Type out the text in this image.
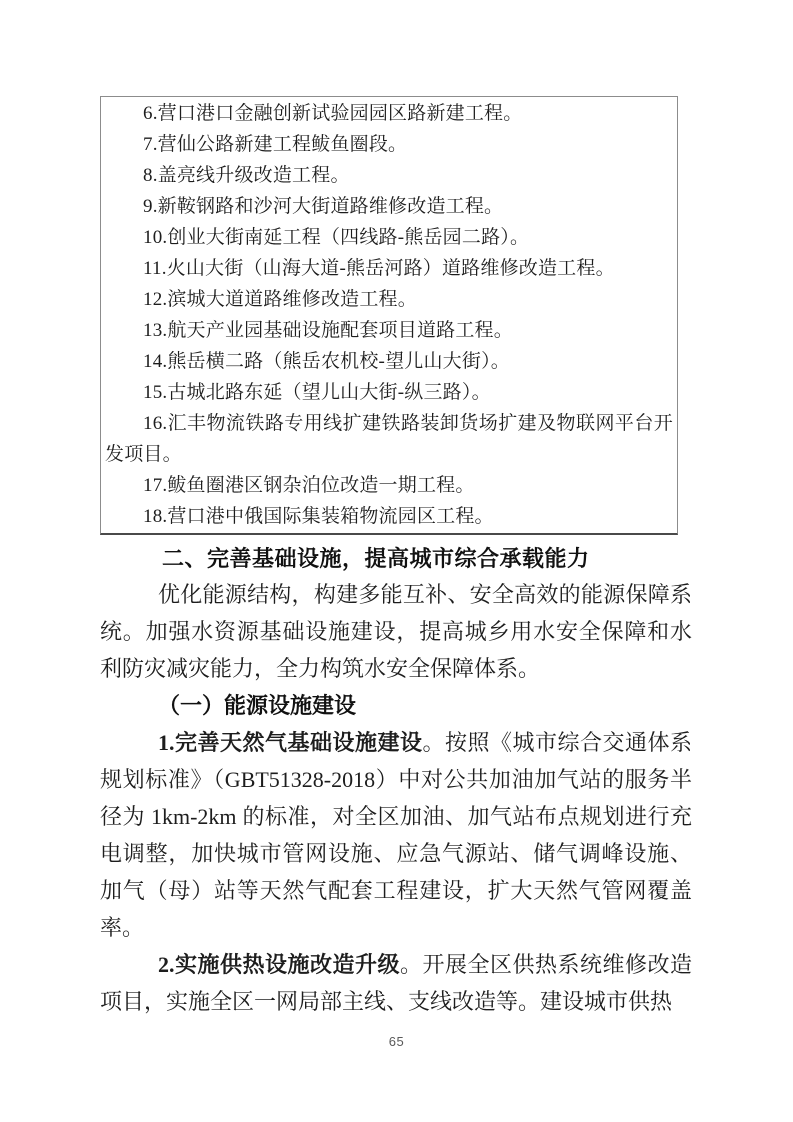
6.营口港口金融创新试验园园区路新建工程。

7.营仙公路新建工程鲅鱼圈段。

8.盖亮线升级改造工程。

9.新鞍钢路和沙河大街道路维修改造工程。

10.创业大街南延工程（四线路-熊岳园二路）。

11.火山大街（山海大道-熊岳河路）道路维修改造工程。

12.滨城大道道路维修改造工程。

13.航天产业园基础设施配套项目道路工程。

14.熊岳横二路（熊岳农机校-望儿山大街）。

15.古城北路东延（望儿山大街-纵三路）。

16.汇丰物流铁路专用线扩建铁路装卸货场扩建及物联网平台开发项目。

17.鲅鱼圈港区钢杂泊位改造一期工程。

18.营口港中俄国际集装箱物流园区工程。

二、完善基础设施，提高城市综合承载能力

优化能源结构，构建多能互补、安全高效的能源保障系统。加强水资源基础设施建设，提高城乡用水安全保障和水利防灾减灾能力，全力构筑水安全保障体系。

（一）能源设施建设

1.完善天然气基础设施建设。按照《城市综合交通体系规划标准》（GBT51328-2018）中对公共加油加气站的服务半径为 1km-2km 的标准，对全区加油、加气站布点规划进行充电调整，加快城市管网设施、应急气源站、储气调峰设施、加气（母）站等天然气配套工程建设，扩大天然气管网覆盖率。

2.实施供热设施改造升级。开展全区供热系统维修改造项目，实施全区一网局部主线、支线改造等。建设城市供热

65
